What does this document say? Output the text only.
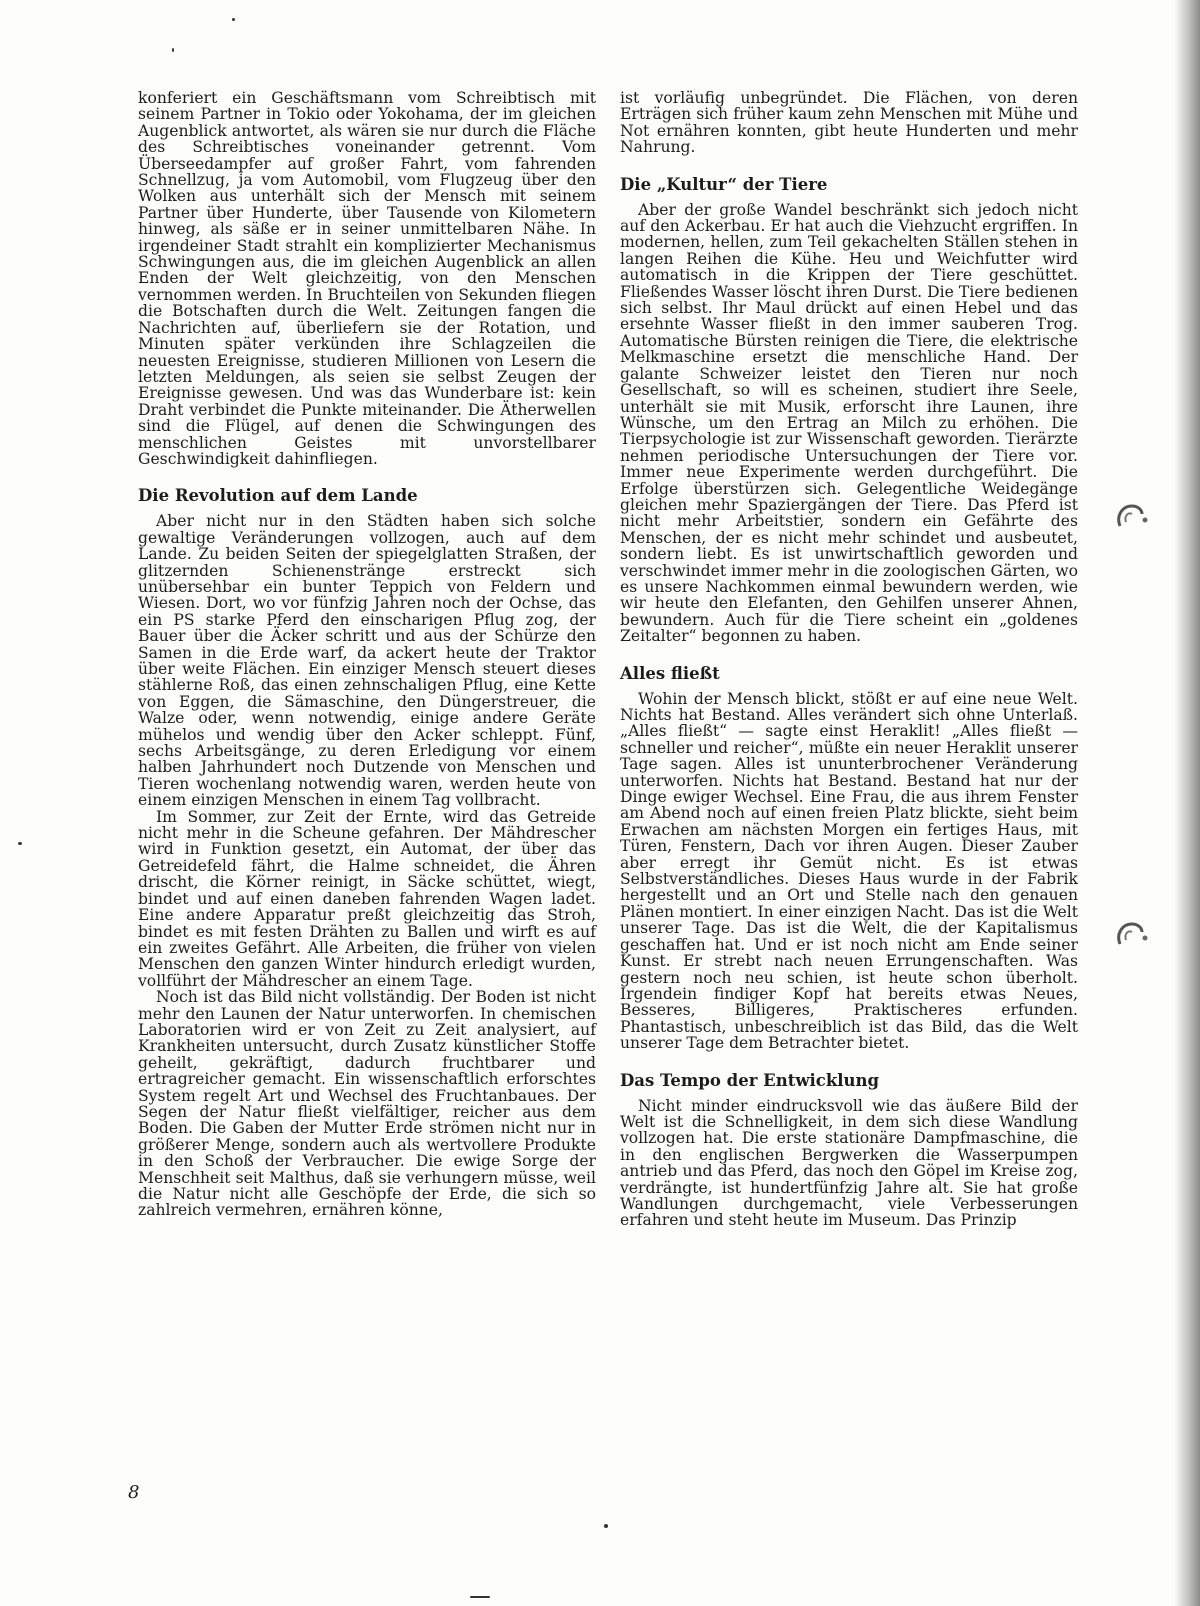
konferiert ein Geschäftsmann vom Schreibtisch mit seinem Partner in Tokio oder Yokohama, der im gleichen Augenblick antwortet, als wären sie nur durch die Fläche des Schreibtisches voneinander getrennt. Vom Überseedampfer auf großer Fahrt, vom fahrenden Schnellzug, ja vom Automobil, vom Flugzeug über den Wolken aus unterhält sich der Mensch mit seinem Partner über Hunderte, über Tausende von Kilometern hinweg, als säße er in seiner unmittelbaren Nähe. In irgendeiner Stadt strahlt ein komplizierter Mechanismus Schwingungen aus, die im gleichen Augenblick an allen Enden der Welt gleichzeitig, von den Menschen vernommen werden. In Bruchteilen von Sekunden fliegen die Botschaften durch die Welt. Zeitungen fangen die Nachrichten auf, überliefern sie der Rotation, und Minuten später verkünden ihre Schlagzeilen die neuesten Ereignisse, studieren Millionen von Lesern die letzten Meldungen, als seien sie selbst Zeugen der Ereignisse gewesen. Und was das Wunderbare ist: kein Draht verbindet die Punkte miteinander. Die Ätherwellen sind die Flügel, auf denen die Schwingungen des menschlichen Geistes mit unvorstellbarer Geschwindigkeit dahinfliegen.

Die Revolution auf dem Lande

Aber nicht nur in den Städten haben sich solche gewaltige Veränderungen vollzogen, auch auf dem Lande. Zu beiden Seiten der spiegelglatten Straßen, der glitzernden Schienenstränge erstreckt sich unübersehbar ein bunter Teppich von Feldern und Wiesen. Dort, wo vor fünfzig Jahren noch der Ochse, das ein PS starke Pferd den einscharigen Pflug zog, der Bauer über die Äcker schritt und aus der Schürze den Samen in die Erde warf, da ackert heute der Traktor über weite Flächen. Ein einziger Mensch steuert dieses stählerne Roß, das einen zehnschaligen Pflug, eine Kette von Eggen, die Sämaschine, den Düngerstreuer, die Walze oder, wenn notwendig, einige andere Geräte mühelos und wendig über den Acker schleppt. Fünf, sechs Arbeitsgänge, zu deren Erledigung vor einem halben Jahrhundert noch Dutzende von Menschen und Tieren wochenlang notwendig waren, werden heute von einem einzigen Menschen in einem Tag vollbracht.

Im Sommer, zur Zeit der Ernte, wird das Getreide nicht mehr in die Scheune gefahren. Der Mähdrescher wird in Funktion gesetzt, ein Automat, der über das Getreidefeld fährt, die Halme schneidet, die Ähren drischt, die Körner reinigt, in Säcke schüttet, wiegt, bindet und auf einen daneben fahrenden Wagen ladet. Eine andere Apparatur preßt gleichzeitig das Stroh, bindet es mit festen Drähten zu Ballen und wirft es auf ein zweites Gefährt. Alle Arbeiten, die früher von vielen Menschen den ganzen Winter hindurch erledigt wurden, vollführt der Mähdrescher an einem Tage.

Noch ist das Bild nicht vollständig. Der Boden ist nicht mehr den Launen der Natur unterworfen. In chemischen Laboratorien wird er von Zeit zu Zeit analysiert, auf Krankheiten untersucht, durch Zusatz künstlicher Stoffe geheilt, gekräftigt, dadurch fruchtbarer und ertragreicher gemacht. Ein wissenschaftlich erforschtes System regelt Art und Wechsel des Fruchtanbaues. Der Segen der Natur fließt vielfältiger, reicher aus dem Boden. Die Gaben der Mutter Erde strömen nicht nur in größerer Menge, sondern auch als wertvollere Produkte in den Schoß der Verbraucher. Die ewige Sorge der Menschheit seit Malthus, daß sie verhungern müsse, weil die Natur nicht alle Geschöpfe der Erde, die sich so zahlreich vermehren, ernähren könne,

ist vorläufig unbegründet. Die Flächen, von deren Erträgen sich früher kaum zehn Menschen mit Mühe und Not ernähren konnten, gibt heute Hunderten und mehr Nahrung.

Die „Kultur“ der Tiere

Aber der große Wandel beschränkt sich jedoch nicht auf den Ackerbau. Er hat auch die Viehzucht ergriffen. In modernen, hellen, zum Teil gekachelten Ställen stehen in langen Reihen die Kühe. Heu und Weichfutter wird automatisch in die Krippen der Tiere geschüttet. Fließendes Wasser löscht ihren Durst. Die Tiere bedienen sich selbst. Ihr Maul drückt auf einen Hebel und das ersehnte Wasser fließt in den immer sauberen Trog. Automatische Bürsten reinigen die Tiere, die elektrische Melkmaschine ersetzt die menschliche Hand. Der galante Schweizer leistet den Tieren nur noch Gesellschaft, so will es scheinen, studiert ihre Seele, unterhält sie mit Musik, erforscht ihre Launen, ihre Wünsche, um den Ertrag an Milch zu erhöhen. Die Tierpsychologie ist zur Wissenschaft geworden. Tierärzte nehmen periodische Untersuchungen der Tiere vor. Immer neue Experimente werden durchgeführt. Die Erfolge überstürzen sich. Gelegentliche Weidegänge gleichen mehr Spaziergängen der Tiere. Das Pferd ist nicht mehr Arbeitstier, sondern ein Gefährte des Menschen, der es nicht mehr schindet und ausbeutet, sondern liebt. Es ist unwirtschaftlich geworden und verschwindet immer mehr in die zoologischen Gärten, wo es unsere Nachkommen einmal bewundern werden, wie wir heute den Elefanten, den Gehilfen unserer Ahnen, bewundern. Auch für die Tiere scheint ein „goldenes Zeitalter“ begonnen zu haben.

Alles fließt

Wohin der Mensch blickt, stößt er auf eine neue Welt. Nichts hat Bestand. Alles verändert sich ohne Unterlaß. „Alles fließt“ — sagte einst Heraklit! „Alles fließt — schneller und reicher“, müßte ein neuer Heraklit unserer Tage sagen. Alles ist ununterbrochener Veränderung unterworfen. Nichts hat Bestand. Bestand hat nur der Dinge ewiger Wechsel. Eine Frau, die aus ihrem Fenster am Abend noch auf einen freien Platz blickte, sieht beim Erwachen am nächsten Morgen ein fertiges Haus, mit Türen, Fenstern, Dach vor ihren Augen. Dieser Zauber aber erregt ihr Gemüt nicht. Es ist etwas Selbstverständliches. Dieses Haus wurde in der Fabrik hergestellt und an Ort und Stelle nach den genauen Plänen montiert. In einer einzigen Nacht. Das ist die Welt unserer Tage. Das ist die Welt, die der Kapitalismus geschaffen hat. Und er ist noch nicht am Ende seiner Kunst. Er strebt nach neuen Errungenschaften. Was gestern noch neu schien, ist heute schon überholt. Irgendein findiger Kopf hat bereits etwas Neues, Besseres, Billigeres, Praktischeres erfunden. Phantastisch, unbeschreiblich ist das Bild, das die Welt unserer Tage dem Betrachter bietet.

Das Tempo der Entwicklung

Nicht minder eindrucksvoll wie das äußere Bild der Welt ist die Schnelligkeit, in dem sich diese Wandlung vollzogen hat. Die erste stationäre Dampfmaschine, die in den englischen Bergwerken die Wasserpumpen antrieb und das Pferd, das noch den Göpel im Kreise zog, verdrängte, ist hundertfünfzig Jahre alt. Sie hat große Wandlungen durchgemacht, viele Verbesserungen erfahren und steht heute im Museum. Das Prinzip

8
